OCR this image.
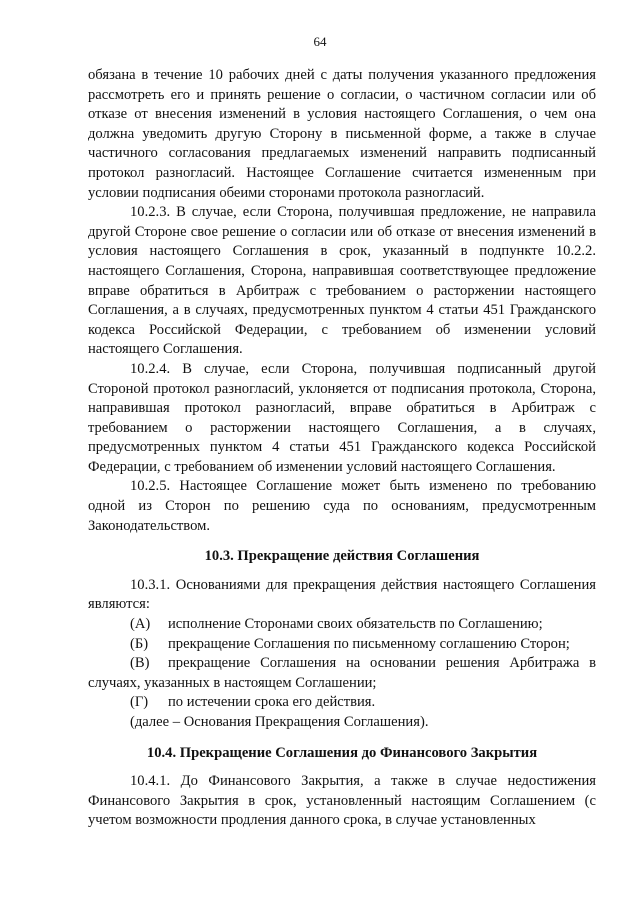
64

обязана в течение 10 рабочих дней с даты получения указанного предложения рассмотреть его и принять решение о согласии, о частичном согласии или об отказе от внесения изменений в условия настоящего Соглашения, о чем она должна уведомить другую Сторону в письменной форме, а также в случае частичного согласования предлагаемых изменений направить подписанный протокол разногласий. Настоящее Соглашение считается измененным при условии подписания обеими сторонами протокола разногласий.

10.2.3. В случае, если Сторона, получившая предложение, не направила другой Стороне свое решение о согласии или об отказе от внесения изменений в условия настоящего Соглашения в срок, указанный в подпункте 10.2.2. настоящего Соглашения, Сторона, направившая соответствующее предложение вправе обратиться в Арбитраж с требованием о расторжении настоящего Соглашения, а в случаях, предусмотренных пунктом 4 статьи 451 Гражданского кодекса Российской Федерации, с требованием об изменении условий настоящего Соглашения.

10.2.4. В случае, если Сторона, получившая подписанный другой Стороной протокол разногласий, уклоняется от подписания протокола, Сторона, направившая протокол разногласий, вправе обратиться в Арбитраж с требованием о расторжении настоящего Соглашения, а в случаях, предусмотренных пунктом 4 статьи 451 Гражданского кодекса Российской Федерации, с требованием об изменении условий настоящего Соглашения.

10.2.5. Настоящее Соглашение может быть изменено по требованию одной из Сторон по решению суда по основаниям, предусмотренным Законодательством.

10.3. Прекращение действия Соглашения

10.3.1. Основаниями для прекращения действия настоящего Соглашения являются:

(А)	исполнение Сторонами своих обязательств по Соглашению;
(Б)	прекращение Соглашения по письменному соглашению Сторон;

(В) прекращение Соглашения на основании решения Арбитража в случаях, указанных в настоящем Соглашении;

(Г)	по истечении срока его действия.

(далее – Основания Прекращения Соглашения).

10.4. Прекращение Соглашения до Финансового Закрытия

10.4.1. До Финансового Закрытия, а также в случае недостижения Финансового Закрытия в срок, установленный настоящим Соглашением (с учетом возможности продления данного срока, в случае установленных
